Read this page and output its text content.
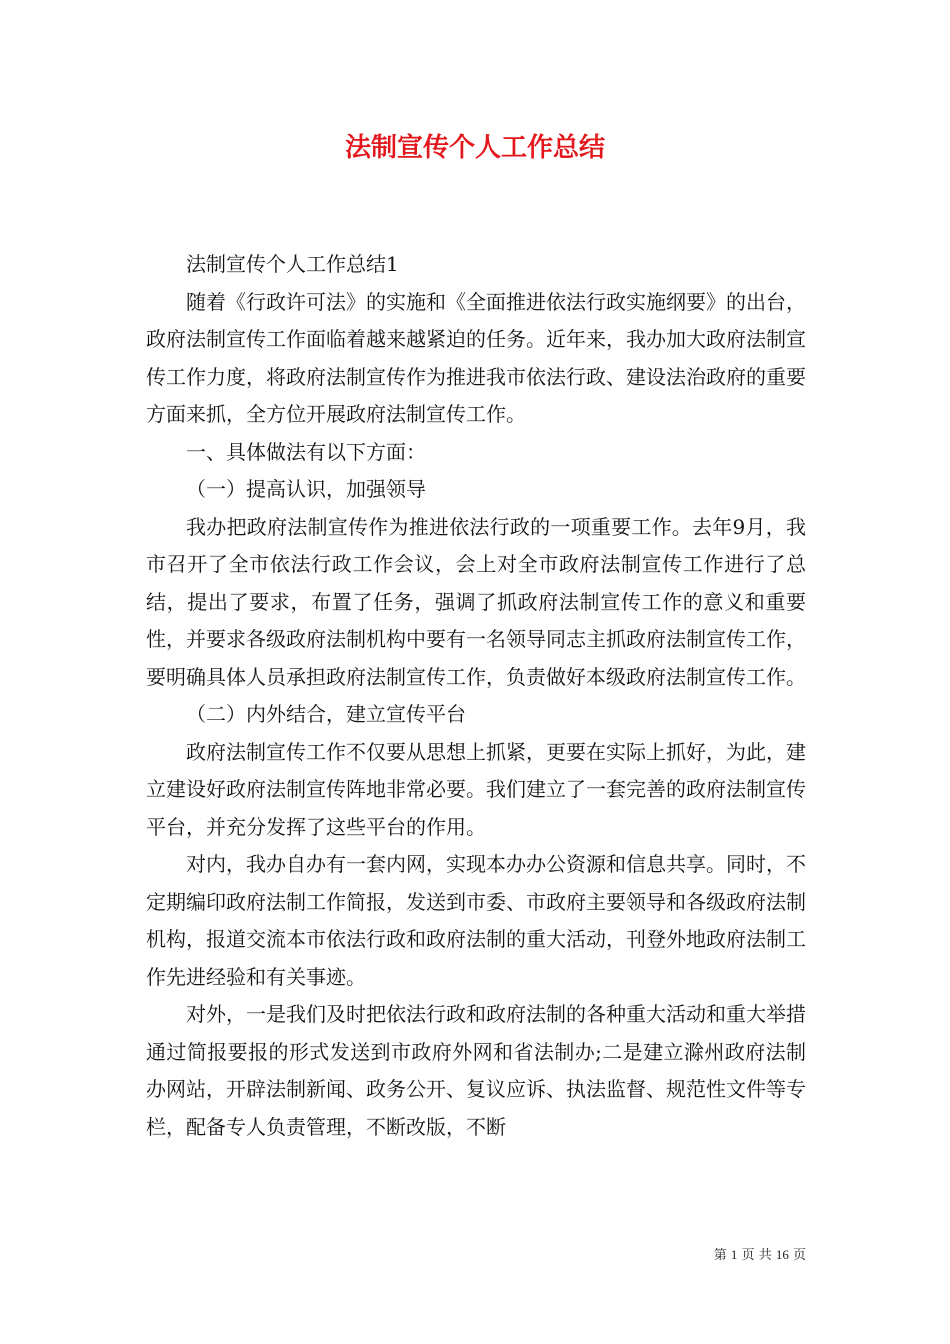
法制宣传个人工作总结

法制宣传个人工作总结1

随着《行政许可法》的实施和《全面推进依法行政实施纲要》的出台，政府法制宣传工作面临着越来越紧迫的任务。近年来，我办加大政府法制宣传工作力度，将政府法制宣传作为推进我市依法行政、建设法治政府的重要方面来抓，全方位开展政府法制宣传工作。

一、具体做法有以下方面：

（一）提高认识，加强领导

我办把政府法制宣传作为推进依法行政的一项重要工作。去年9月，我市召开了全市依法行政工作会议，会上对全市政府法制宣传工作进行了总结，提出了要求，布置了任务，强调了抓政府法制宣传工作的意义和重要性，并要求各级政府法制机构中要有一名领导同志主抓政府法制宣传工作，要明确具体人员承担政府法制宣传工作，负责做好本级政府法制宣传工作。

（二）内外结合，建立宣传平台

政府法制宣传工作不仅要从思想上抓紧，更要在实际上抓好，为此，建立建设好政府法制宣传阵地非常必要。我们建立了一套完善的政府法制宣传平台，并充分发挥了这些平台的作用。

对内，我办自办有一套内网，实现本办办公资源和信息共享。同时，不定期编印政府法制工作简报，发送到市委、市政府主要领导和各级政府法制机构，报道交流本市依法行政和政府法制的重大活动，刊登外地政府法制工作先进经验和有关事迹。

对外，一是我们及时把依法行政和政府法制的各种重大活动和重大举措通过简报要报的形式发送到市政府外网和省法制办;二是建立滁州政府法制办网站，开辟法制新闻、政务公开、复议应诉、执法监督、规范性文件等专栏，配备专人负责管理，不断改版，不断

第 1 页 共 16 页
